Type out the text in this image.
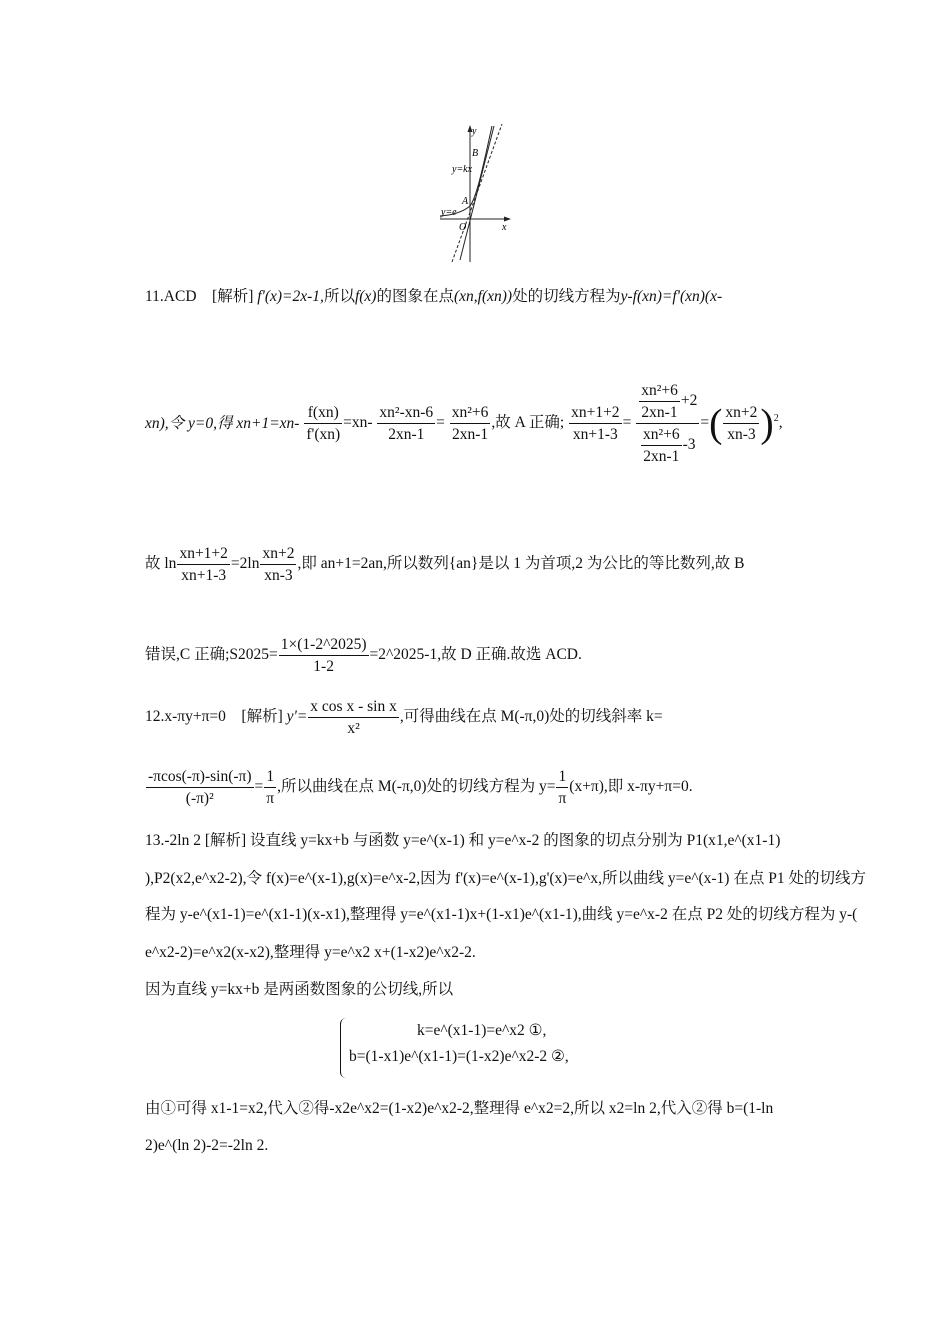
y
B
y=kx
A
y=e
O	x
11.ACD [解析] f'(x)=2x-1,所以f(x)的图象在点(xn,f(xn))处的切线方程为y-f(xn)=f'(xn)(x-
xn),令 y=0,得 $xn+1=xn- \frac{f(xn)}{f'(xn)} =xn- \frac{\text{xn²-xn-6}}{2xn-1} = \frac{\text{xn²+6}}{2xn-1}$ ,故 A 正确; $\frac{xn+1+2}{xn+1-3} = \frac{\frac{\text{xn²+6}}{2xn-1} +2}{\frac{\text{xn²+6}}{2xn-1} -3}$ =( $\frac{xn+2}{xn-3} )^2$,
故 $\ln \frac{xn+1+2}{xn+1-3} =2\ln \frac{xn+2}{xn-3}$ ,即 an+1=2an,所以数列{an}是以 1 为首项,2 为公比的等比数列,故 B
错误,C 正确;S2025= $\frac{1\times(1-2\^{}2025)}{1-2}$ =2^2025-1,故 D 正确.故选 ACD.
12.x-πy+π=0 [解析] $y'= \frac{\text{x cos x - sin x}}{\text{x²}}$ ,可得曲线在点 M(-π,0)处的切线斜率 k=
$\frac{-\pi\cos(-\pi)-\sin(-\pi)}{\text{(-π)²}} = \frac{1}{\pi}$ ,所以曲线在点 M(-π,0)处的切线方程为 $y= \frac{1}{\pi} (x+\pi)$,即 x-πy+π=0.
13.-2ln 2 [解析] 设直线 y=kx+b 与函数 y=e^(x-1) 和 y=e^x-2 的图象的切点分别为 P1(x1,e^(x1-1)
),P2(x2,e^x2-2),令 f(x)=e^(x-1),g(x)=e^x-2,因为 f'(x)=e^(x-1),g'(x)=e^x,所以曲线 y=e^(x-1) 在点 P1 处的切线方
程为 y-e^(x1-1)=e^(x1-1)(x-x1),整理得 y=e^(x1-1)x+(1-x1)e^(x1-1),曲线 y=e^x-2 在点 P2 处的切线方程为 y-(
e^x2-2)=e^x2(x-x2),整理得 y=e^x2 x+(1-x2)e^x2-2.
因为直线 y=kx+b 是两函数图象的公切线,所以
k=e^(x1-1)=e^x2 ①,
b=(1-x1)e^(x1-1)=(1-x2)e^x2-2 ②,
由①可得 x1-1=x2,代入②得-x2e^x2=(1-x2)e^x2-2,整理得 e^x2=2,所以 x2=ln 2,代入②得 b=(1-ln
2)e^(ln 2)-2=-2ln 2.
